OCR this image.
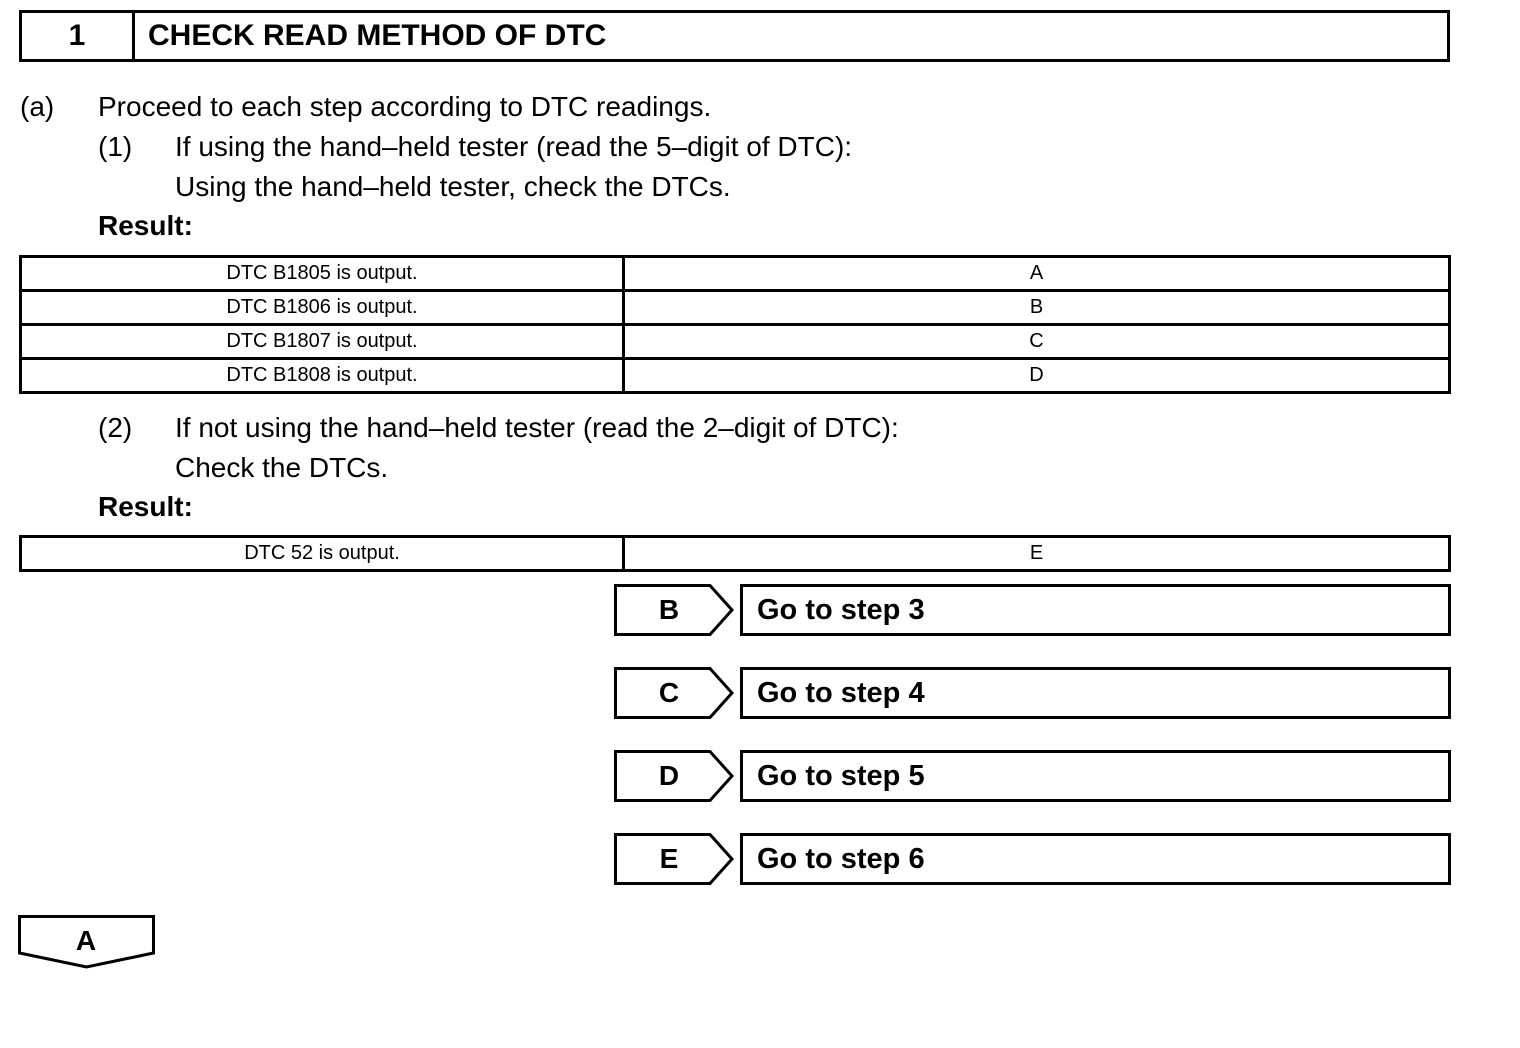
1	CHECK READ METHOD OF DTC
(a) Proceed to each step according to DTC readings.
(1) If using the hand–held tester (read the 5–digit of DTC):
Using the hand–held tester, check the DTCs.
Result:
DTC B1805 is output.	A
DTC B1806 is output.	B
DTC B1807 is output.	C
DTC B1808 is output.	D
(2) If not using the hand–held tester (read the 2–digit of DTC):
Check the DTCs.
Result:
DTC 52 is output.	E
B	Go to step 3
C	Go to step 4
D	Go to step 5
E	Go to step 6
A
